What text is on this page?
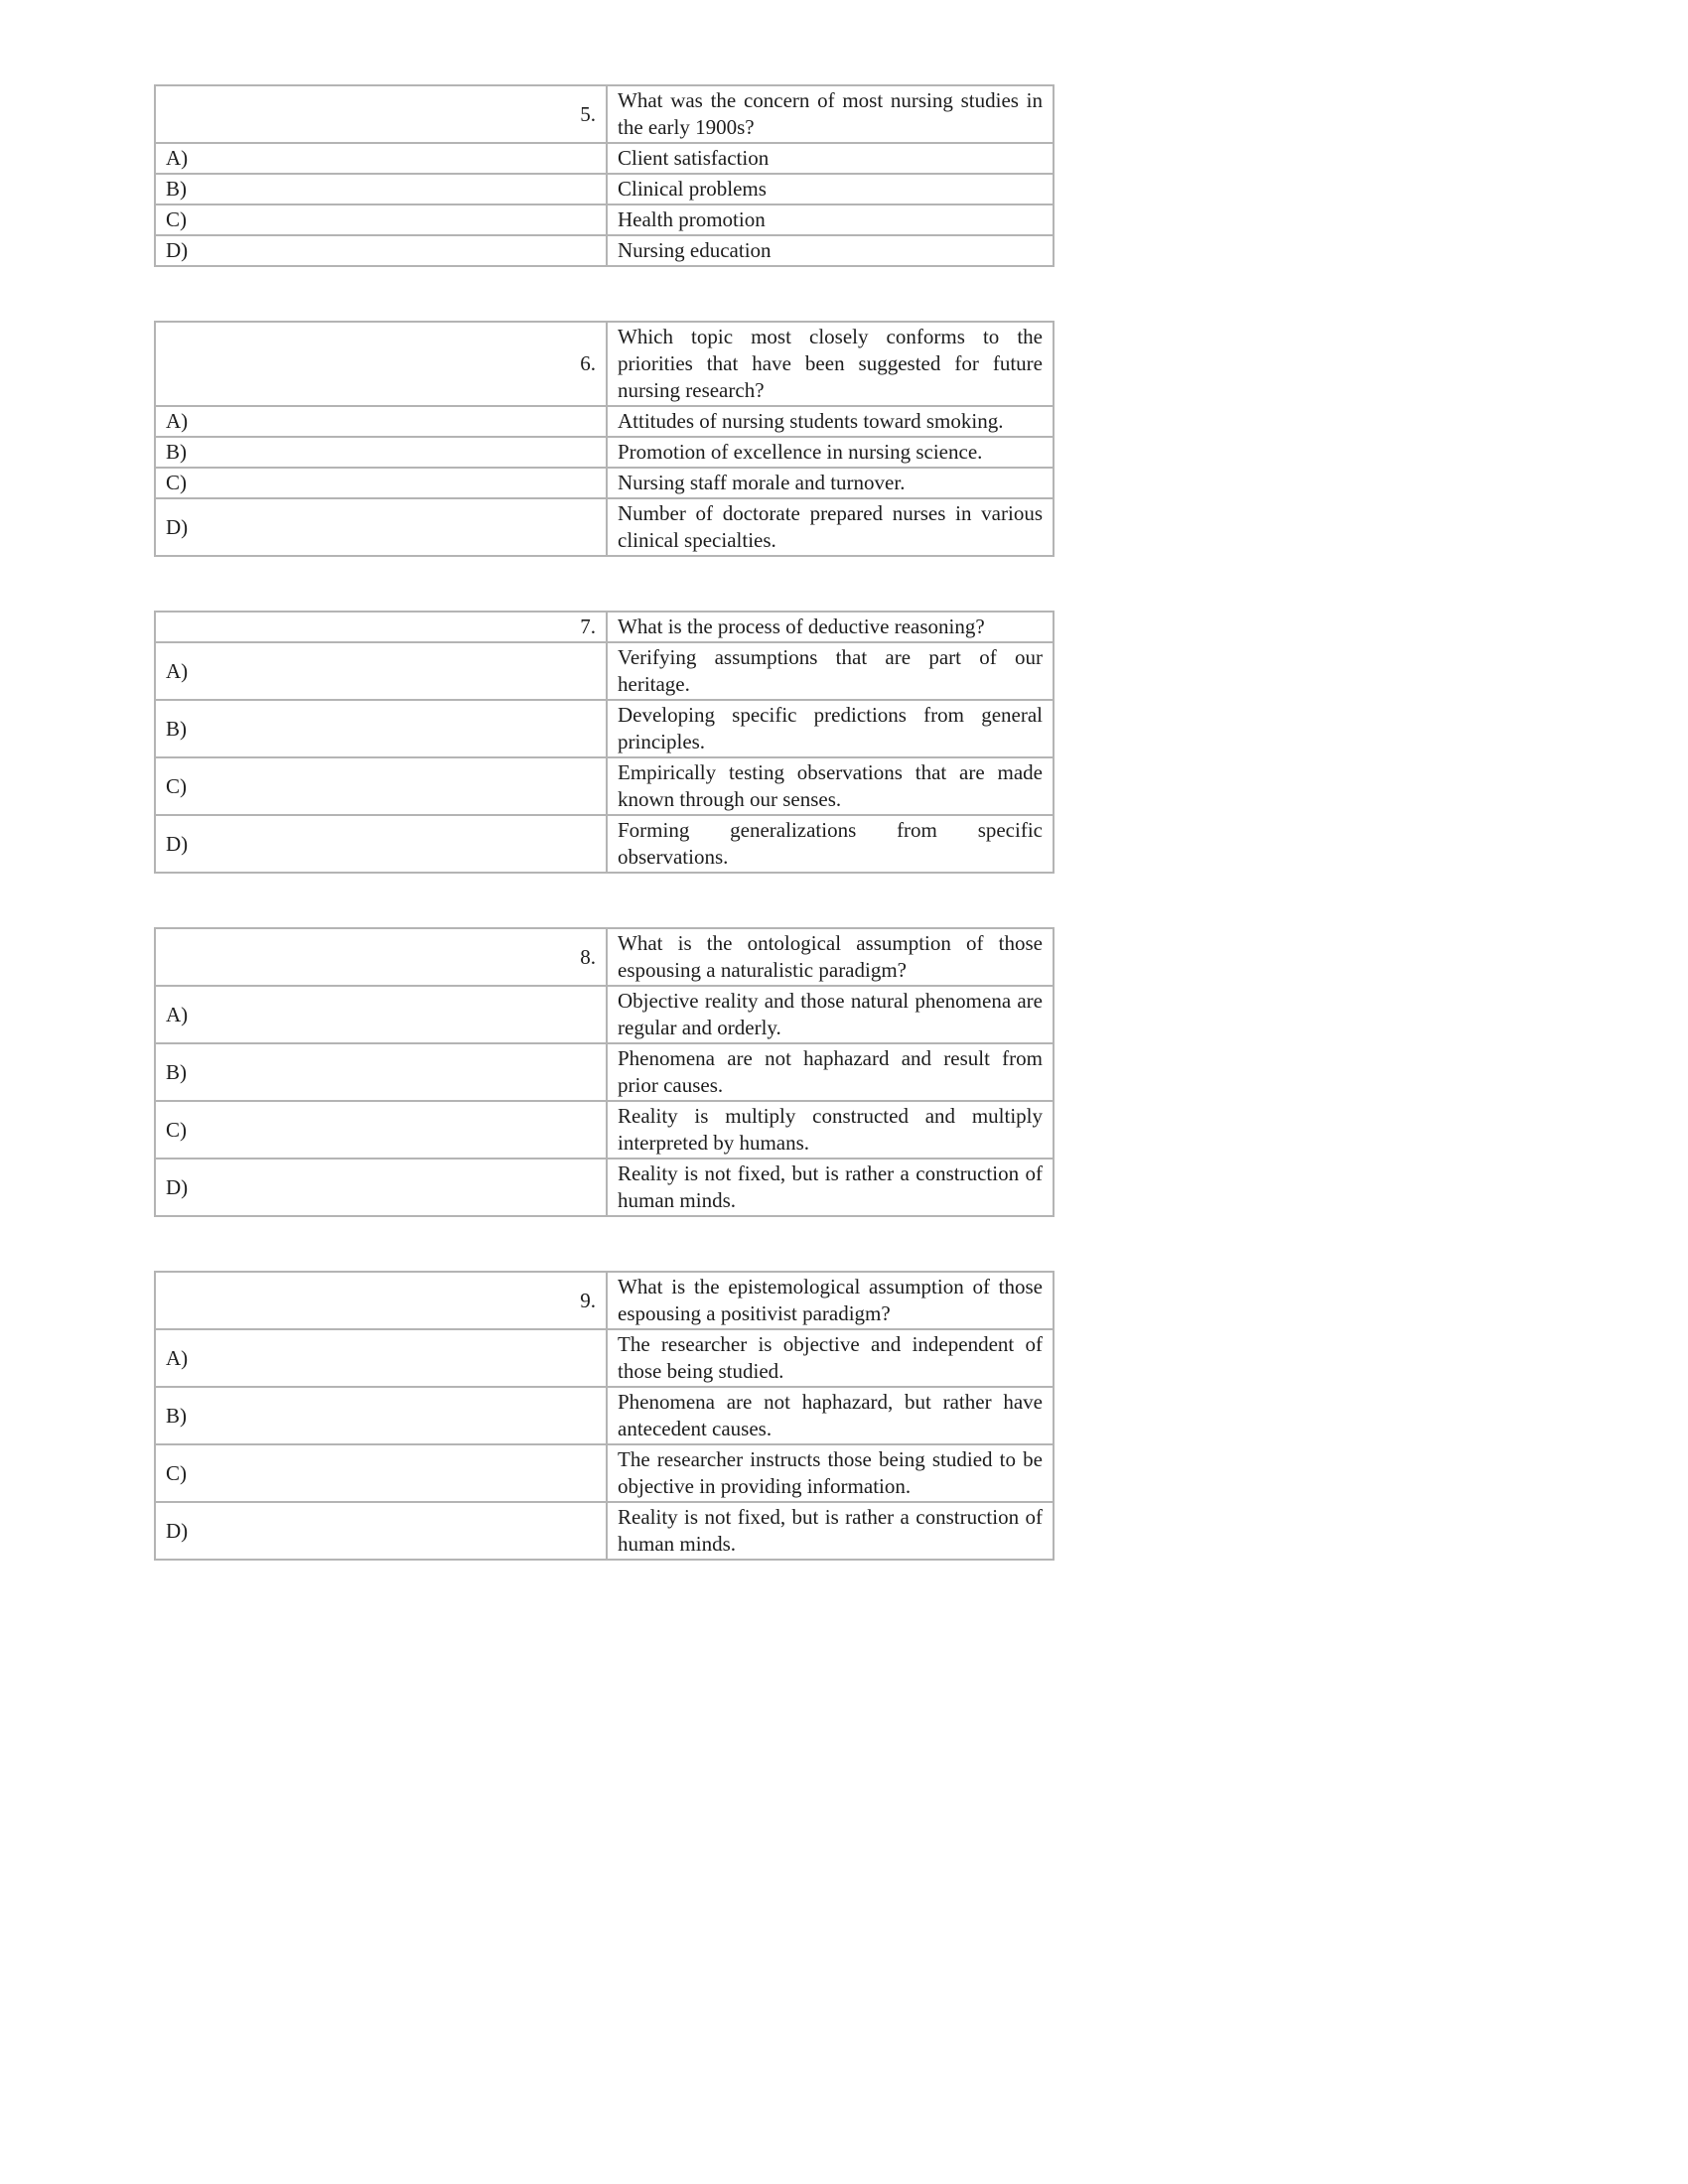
5.	What was the concern of most nursing studies in the early 1900s?
A)	Client satisfaction
B)	Clinical problems
C)	Health promotion
D)	Nursing education
6.	Which topic most closely conforms to the priorities that have been suggested for future nursing research?
A)	Attitudes of nursing students toward smoking.
B)	Promotion of excellence in nursing science.
C)	Nursing staff morale and turnover.
D)	Number of doctorate prepared nurses in various clinical specialties.
7.	What is the process of deductive reasoning?
A)	Verifying assumptions that are part of our heritage.
B)	Developing specific predictions from general principles.
C)	Empirically testing observations that are made known through our senses.
D)	Forming generalizations from specific observations.
8.	What is the ontological assumption of those espousing a naturalistic paradigm?
A)	Objective reality and those natural phenomena are regular and orderly.
B)	Phenomena are not haphazard and result from prior causes.
C)	Reality is multiply constructed and multiply interpreted by humans.
D)	Reality is not fixed, but is rather a construction of human minds.
9.	What is the epistemological assumption of those espousing a positivist paradigm?
A)	The researcher is objective and independent of those being studied.
B)	Phenomena are not haphazard, but rather have antecedent causes.
C)	The researcher instructs those being studied to be objective in providing information.
D)	Reality is not fixed, but is rather a construction of human minds.
